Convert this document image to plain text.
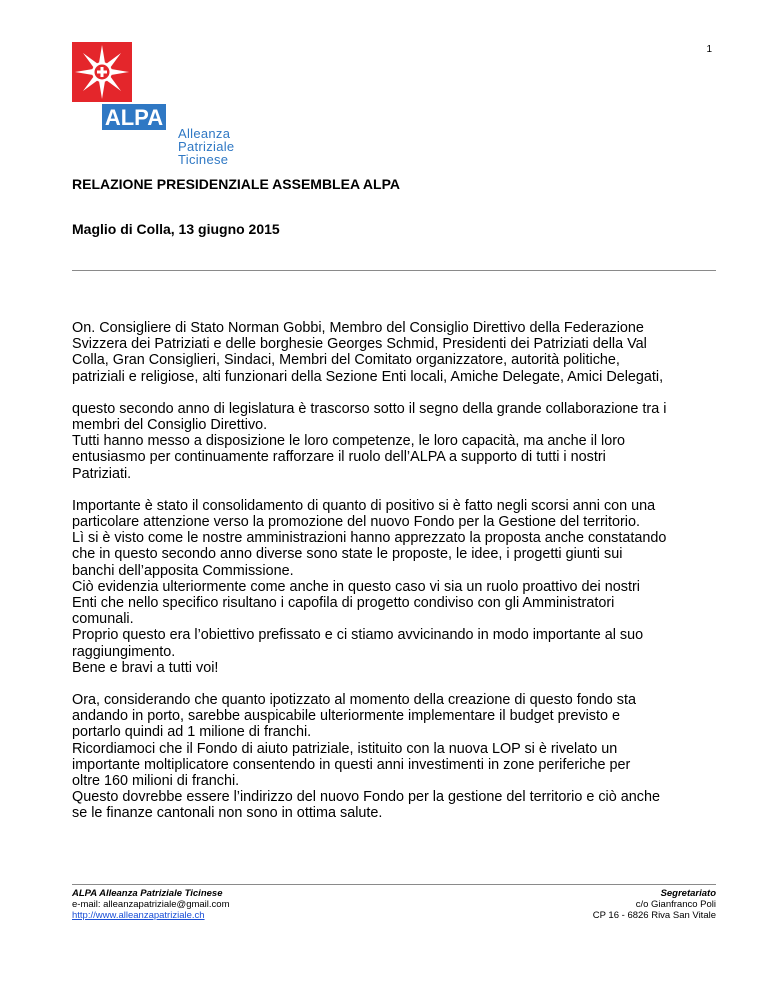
1
ALPA
Alleanza
Patriziale
Ticinese
RELAZIONE PRESIDENZIALE ASSEMBLEA ALPA
Maglio di Colla, 13 giugno 2015

On. Consigliere di Stato Norman Gobbi, Membro del Consiglio Direttivo della Federazione
Svizzera dei Patriziati e delle borghesie Georges Schmid, Presidenti dei Patriziati della Val
Colla, Gran Consiglieri, Sindaci, Membri del Comitato organizzatore, autorità politiche,
patriziali e religiose, alti funzionari della Sezione Enti locali, Amiche Delegate, Amici Delegati,

questo secondo anno di legislatura è trascorso sotto il segno della grande collaborazione tra i
membri del Consiglio Direttivo.
Tutti hanno messo a disposizione le loro competenze, le loro capacità, ma anche il loro
entusiasmo per continuamente rafforzare il ruolo dell’ALPA a supporto di tutti i nostri
Patriziati.

Importante è stato il consolidamento di quanto di positivo si è fatto negli scorsi anni con una
particolare attenzione verso la promozione del nuovo Fondo per la Gestione del territorio.
Lì si è visto come le nostre amministrazioni hanno apprezzato la proposta anche constatando
che in questo secondo anno diverse sono state le proposte, le idee, i progetti giunti sui
banchi dell’apposita Commissione.
Ciò evidenzia ulteriormente come anche in questo caso vi sia un ruolo proattivo dei nostri
Enti che nello specifico risultano i capofila di progetto condiviso con gli Amministratori
comunali.
Proprio questo era l’obiettivo prefissato e ci stiamo avvicinando in modo importante al suo
raggiungimento.
Bene e bravi a tutti voi!

Ora, considerando che quanto ipotizzato al momento della creazione di questo fondo sta
andando in porto, sarebbe auspicabile ulteriormente implementare il budget previsto e
portarlo quindi ad 1 milione di franchi.
Ricordiamoci che il Fondo di aiuto patriziale, istituito con la nuova LOP si è rivelato un
importante moltiplicatore consentendo in questi anni investimenti in zone periferiche per
oltre 160 milioni di franchi.
Questo dovrebbe essere l’indirizzo del nuovo Fondo per la gestione del territorio e ciò anche
se le finanze cantonali non sono in ottima salute.

ALPA Alleanza Patriziale Ticinese
e-mail: alleanzapatriziale@gmail.com
http://www.alleanzapatriziale.ch
Segretariato
c/o Gianfranco Poli
CP 16 - 6826 Riva San Vitale
